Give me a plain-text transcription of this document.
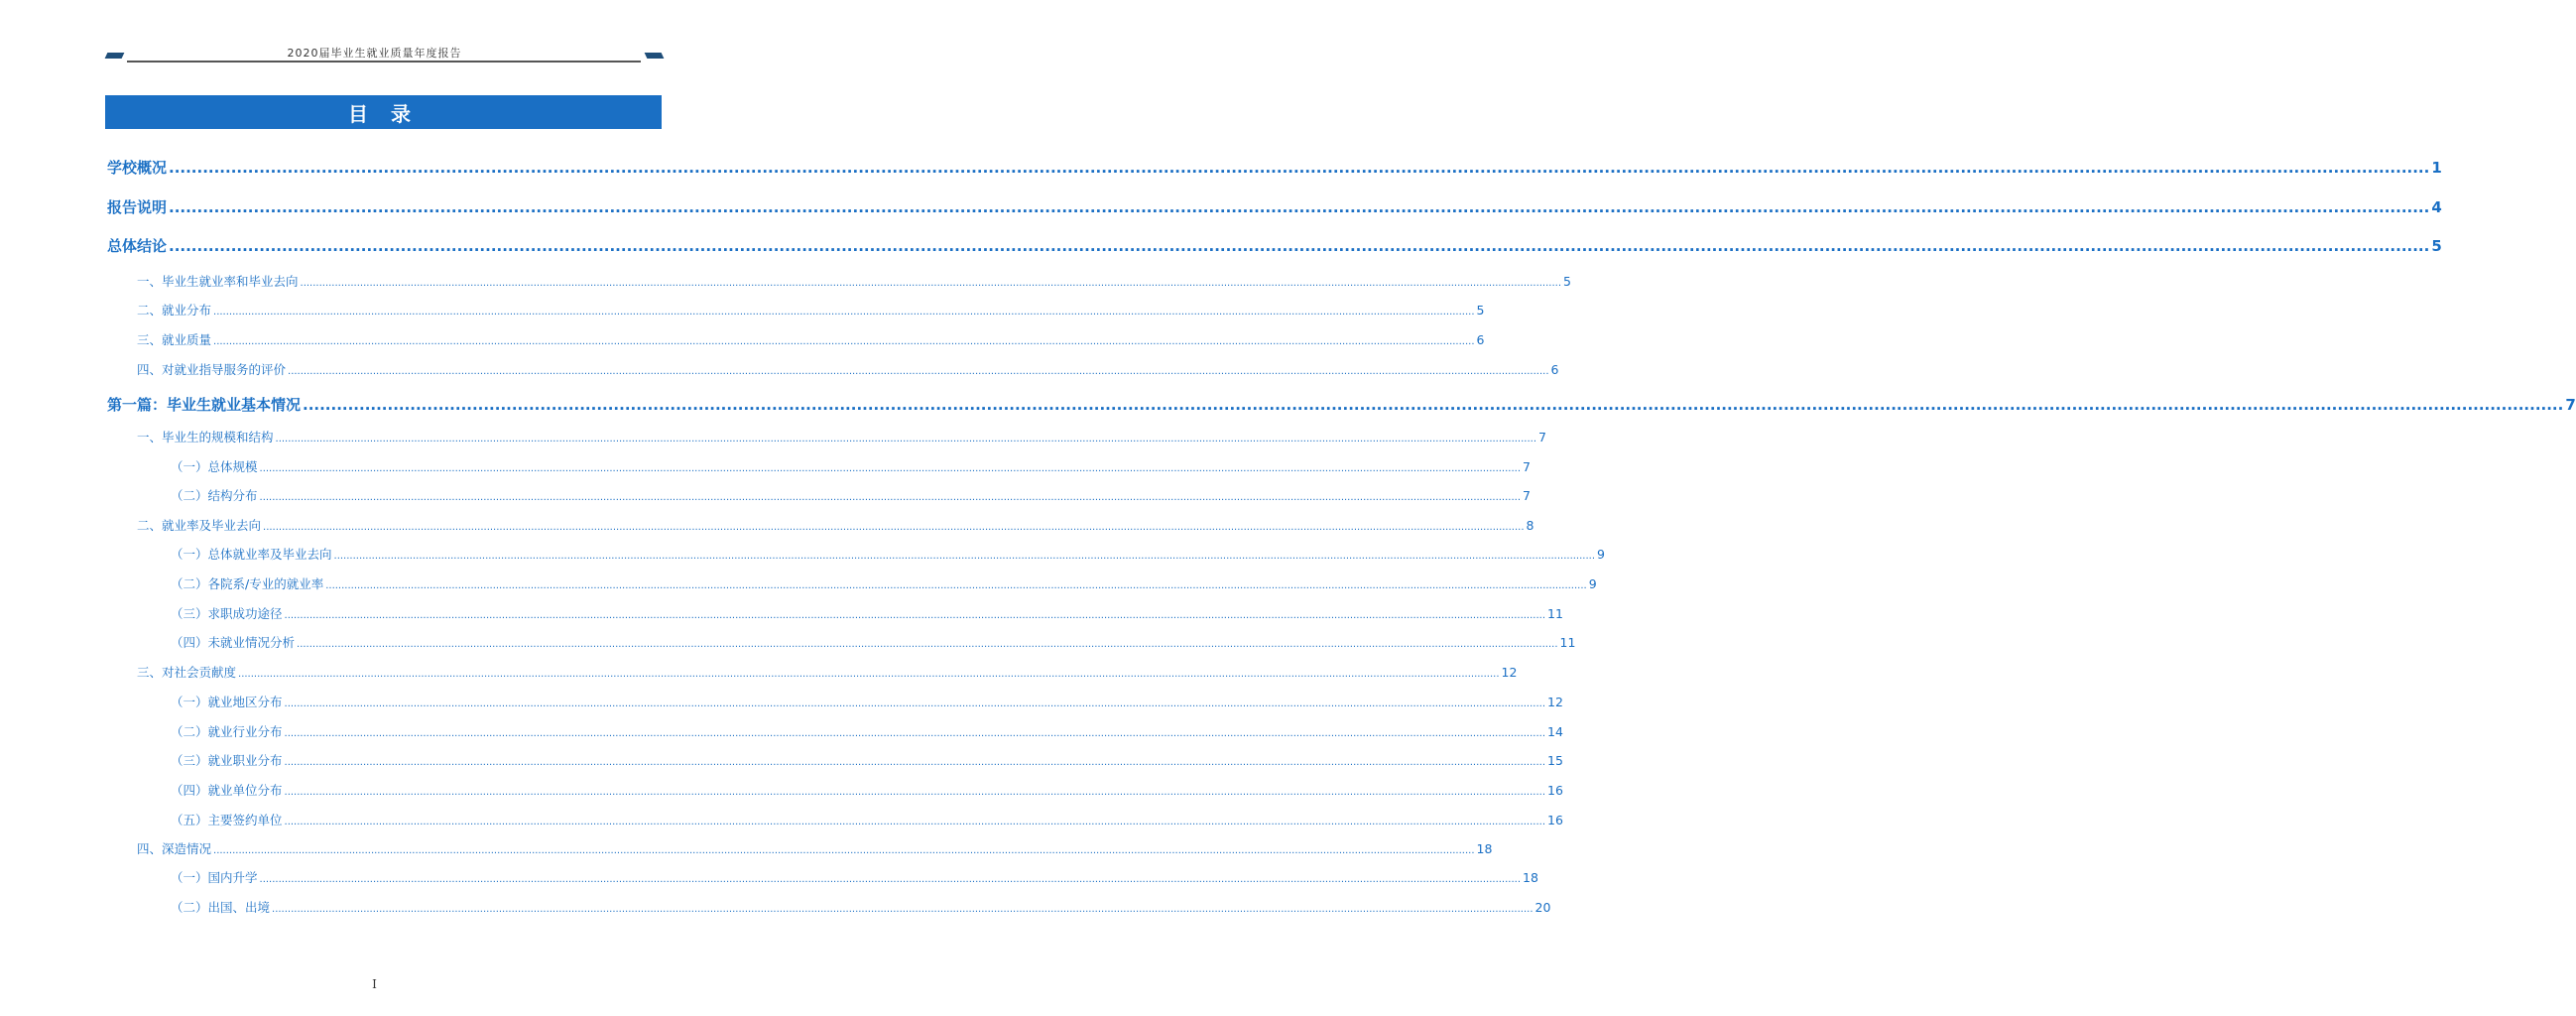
2020届毕业生就业质量年度报告
目 录
学校概况 ................................................................................................................................................................................................................................................................................................................................................................................................................ 1
报告说明 ................................................................................................................................................................................................................................................................................................................................................................................................................ 4
总体结论 ................................................................................................................................................................................................................................................................................................................................................................................................................ 5
一、毕业生就业率和毕业去向 ................................................................................................................................................................................................................................................................................................................................................................................................................ 5
二、就业分布 ................................................................................................................................................................................................................................................................................................................................................................................................................ 5
三、就业质量 ................................................................................................................................................................................................................................................................................................................................................................................................................ 6
四、对就业指导服务的评价 ................................................................................................................................................................................................................................................................................................................................................................................................................ 6
第一篇：毕业生就业基本情况 ................................................................................................................................................................................................................................................................................................................................................................................................................ 7
一、毕业生的规模和结构 ................................................................................................................................................................................................................................................................................................................................................................................................................ 7
（一）总体规模 ................................................................................................................................................................................................................................................................................................................................................................................................................ 7
（二）结构分布 ................................................................................................................................................................................................................................................................................................................................................................................................................ 7
二、就业率及毕业去向 ................................................................................................................................................................................................................................................................................................................................................................................................................ 8
（一）总体就业率及毕业去向 ................................................................................................................................................................................................................................................................................................................................................................................................................ 9
（二）各院系/专业的就业率 ................................................................................................................................................................................................................................................................................................................................................................................................................ 9
（三）求职成功途径 ................................................................................................................................................................................................................................................................................................................................................................................................................ 11
（四）未就业情况分析 ................................................................................................................................................................................................................................................................................................................................................................................................................ 11
三、对社会贡献度 ................................................................................................................................................................................................................................................................................................................................................................................................................ 12
（一）就业地区分布 ................................................................................................................................................................................................................................................................................................................................................................................................................ 12
（二）就业行业分布 ................................................................................................................................................................................................................................................................................................................................................................................................................ 14
（三）就业职业分布 ................................................................................................................................................................................................................................................................................................................................................................................................................ 15
（四）就业单位分布 ................................................................................................................................................................................................................................................................................................................................................................................................................ 16
（五）主要签约单位 ................................................................................................................................................................................................................................................................................................................................................................................................................ 16
四、深造情况 ................................................................................................................................................................................................................................................................................................................................................................................................................ 18
（一）国内升学 ................................................................................................................................................................................................................................................................................................................................................................................................................ 18
（二）出国、出境 ................................................................................................................................................................................................................................................................................................................................................................................................................ 20
I
